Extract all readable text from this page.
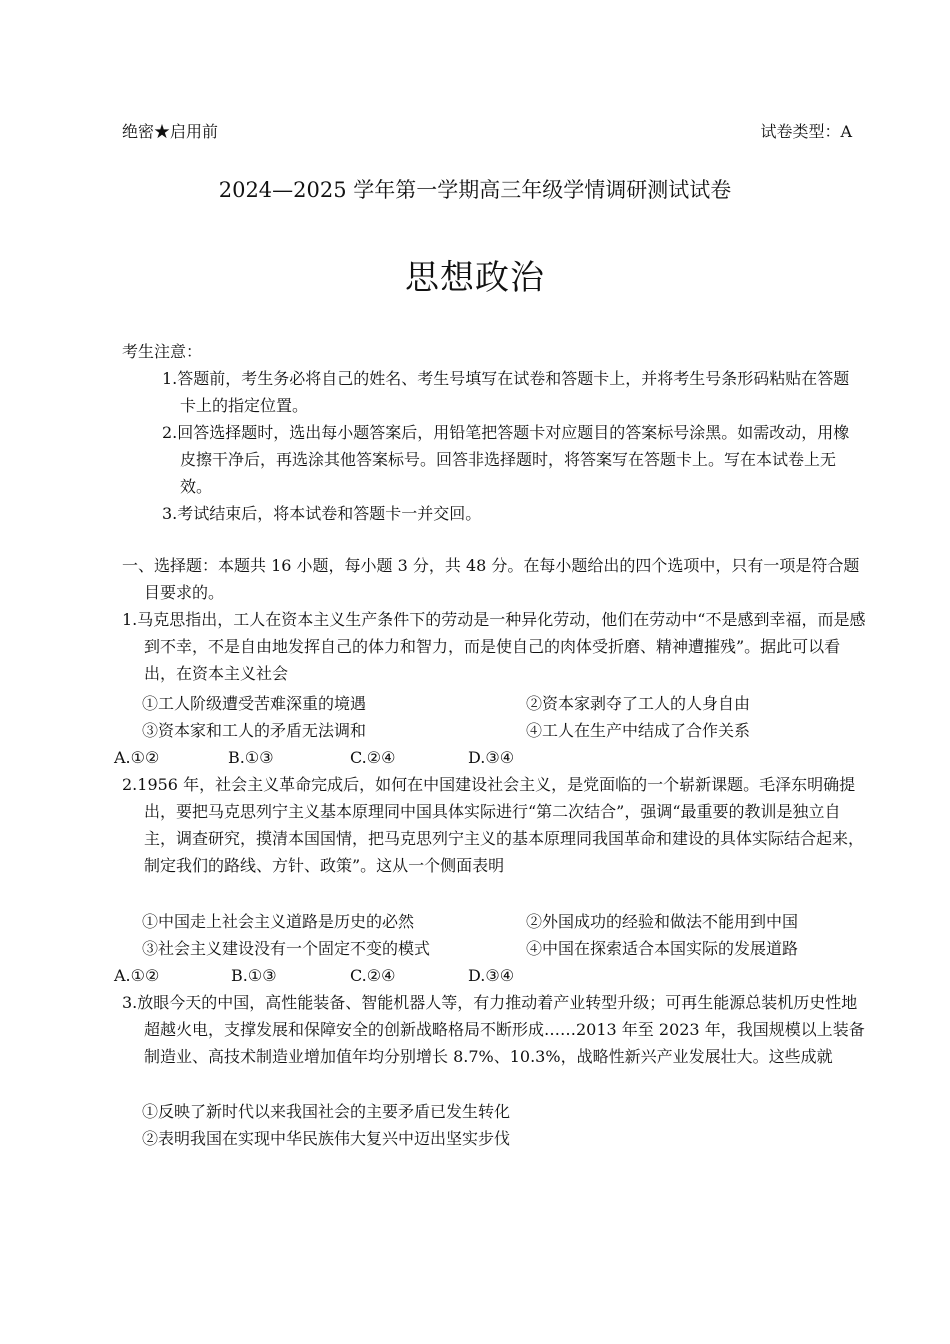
绝密★启用前	试卷类型：A
2024—2025 学年第一学期高三年级学情调研测试试卷
思想政治
考生注意：
1.答题前，考生务必将自己的姓名、考生号填写在试卷和答题卡上，并将考生号条形码粘贴在答题卡上的指定位置。
2.回答选择题时，选出每小题答案后，用铅笔把答题卡对应题目的答案标号涂黑。如需改动，用橡皮擦干净后，再选涂其他答案标号。回答非选择题时，将答案写在答题卡上。写在本试卷上无效。
3.考试结束后，将本试卷和答题卡一并交回。
一、选择题：本题共 16 小题，每小题 3 分，共 48 分。在每小题给出的四个选项中，只有一项是符合题目要求的。
1.马克思指出，工人在资本主义生产条件下的劳动是一种异化劳动，他们在劳动中“不是感到幸福，而是感到不幸，不是自由地发挥自己的体力和智力，而是使自己的肉体受折磨、精神遭摧残”。据此可以看出，在资本主义社会
①工人阶级遭受苦难深重的境遇	②资本家剥夺了工人的人身自由
③资本家和工人的矛盾无法调和	④工人在生产中结成了合作关系
A.①②	B.①③	C.②④	D.③④
2.1956 年，社会主义革命完成后，如何在中国建设社会主义，是党面临的一个崭新课题。毛泽东明确提出，要把马克思列宁主义基本原理同中国具体实际进行“第二次结合”，强调“最重要的教训是独立自主，调查研究，摸清本国国情，把马克思列宁主义的基本原理同我国革命和建设的具体实际结合起来，制定我们的路线、方针、政策”。这从一个侧面表明
①中国走上社会主义道路是历史的必然	②外国成功的经验和做法不能用到中国
③社会主义建设没有一个固定不变的模式	④中国在探索适合本国实际的发展道路
A.①②	B.①③	C.②④	D.③④
3.放眼今天的中国，高性能装备、智能机器人等，有力推动着产业转型升级；可再生能源总装机历史性地超越火电，支撑发展和保障安全的创新战略格局不断形成……2013 年至 2023 年，我国规模以上装备制造业、高技术制造业增加值年均分别增长 8.7%、10.3%，战略性新兴产业发展壮大。这些成就
①反映了新时代以来我国社会的主要矛盾已发生转化
②表明我国在实现中华民族伟大复兴中迈出坚实步伐
